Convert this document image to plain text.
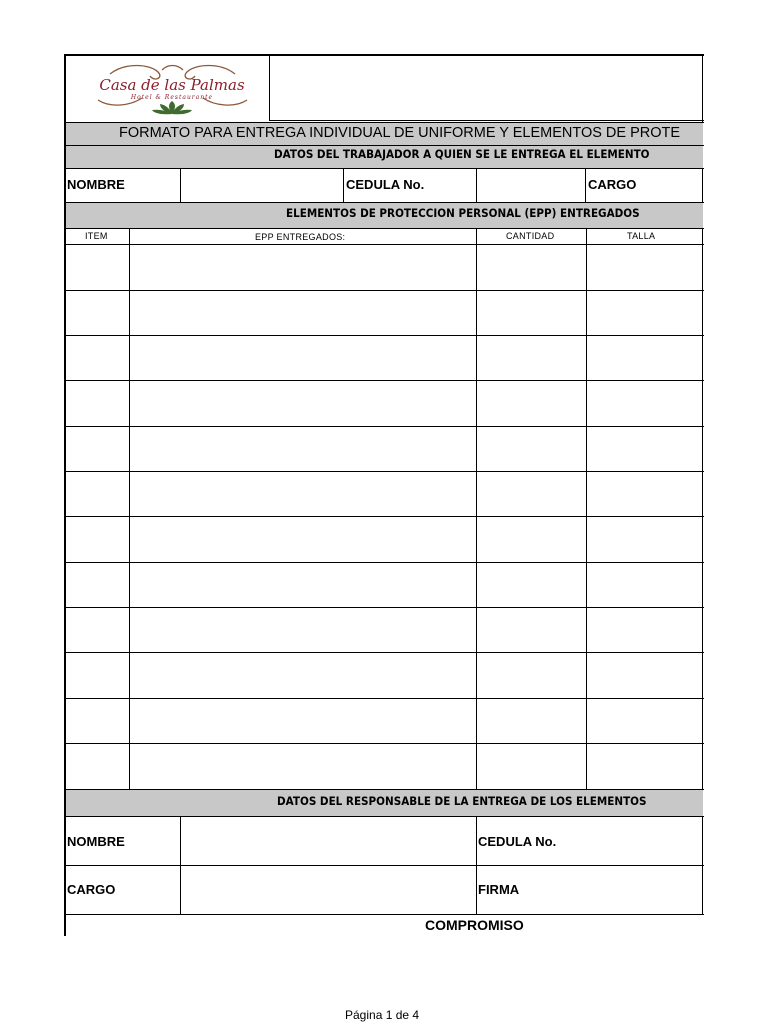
Casa de las Palmas
Hotel & Restaurante
FORMATO PARA ENTREGA INDIVIDUAL DE UNIFORME Y ELEMENTOS DE PROTE
DATOS DEL TRABAJADOR A QUIEN SE LE ENTREGA EL ELEMENTO
NOMBRE	CEDULA No.	CARGO
ELEMENTOS DE PROTECCION PERSONAL (EPP) ENTREGADOS
ITEM	EPP ENTREGADOS:	CANTIDAD	TALLA
DATOS DEL RESPONSABLE DE LA ENTREGA DE LOS ELEMENTOS
NOMBRE	CEDULA No.
CARGO	FIRMA
COMPROMISO
Página 1 de 4
